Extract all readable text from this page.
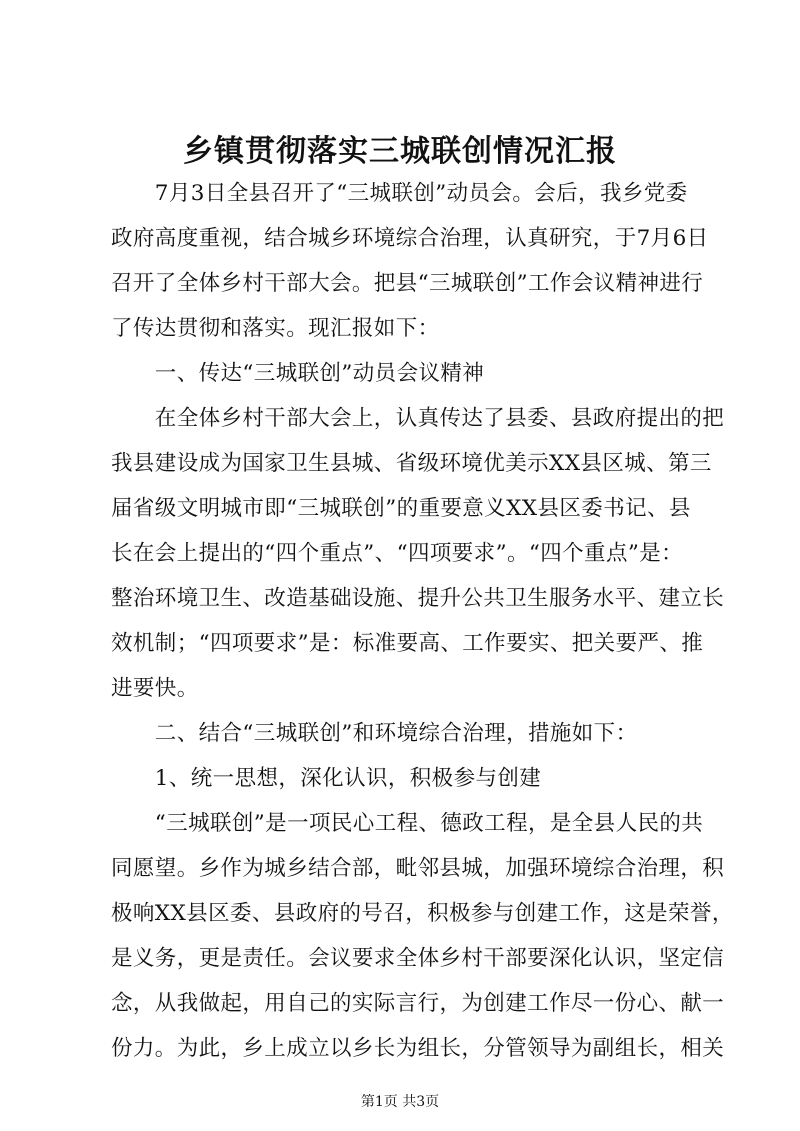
乡镇贯彻落实三城联创情况汇报
　　7月3日全县召开了“三城联创”动员会。会后，我乡党委
政府高度重视，结合城乡环境综合治理，认真研究，于7月6日
召开了全体乡村干部大会。把县“三城联创”工作会议精神进行
了传达贯彻和落实。现汇报如下：
　　一、传达“三城联创”动员会议精神
　　在全体乡村干部大会上，认真传达了县委、县政府提出的把
我县建设成为国家卫生县城、省级环境优美示XX县区城、第三
届省级文明城市即“三城联创”的重要意义XX县区委书记、县
长在会上提出的“四个重点”、“四项要求”。“四个重点”是：
整治环境卫生、改造基础设施、提升公共卫生服务水平、建立长
效机制；“四项要求”是：标准要高、工作要实、把关要严、推
进要快。
　　二、结合“三城联创”和环境综合治理，措施如下：
　　1、统一思想，深化认识，积极参与创建
　　“三城联创”是一项民心工程、德政工程，是全县人民的共
同愿望。乡作为城乡结合部，毗邻县城，加强环境综合治理，积
极响XX县区委、县政府的号召，积极参与创建工作，这是荣誉，
是义务，更是责任。会议要求全体乡村干部要深化认识，坚定信
念，从我做起，用自己的实际言行，为创建工作尽一份心、献一
份力。为此，乡上成立以乡长为组长，分管领导为副组长，相关
第1页 共3页
